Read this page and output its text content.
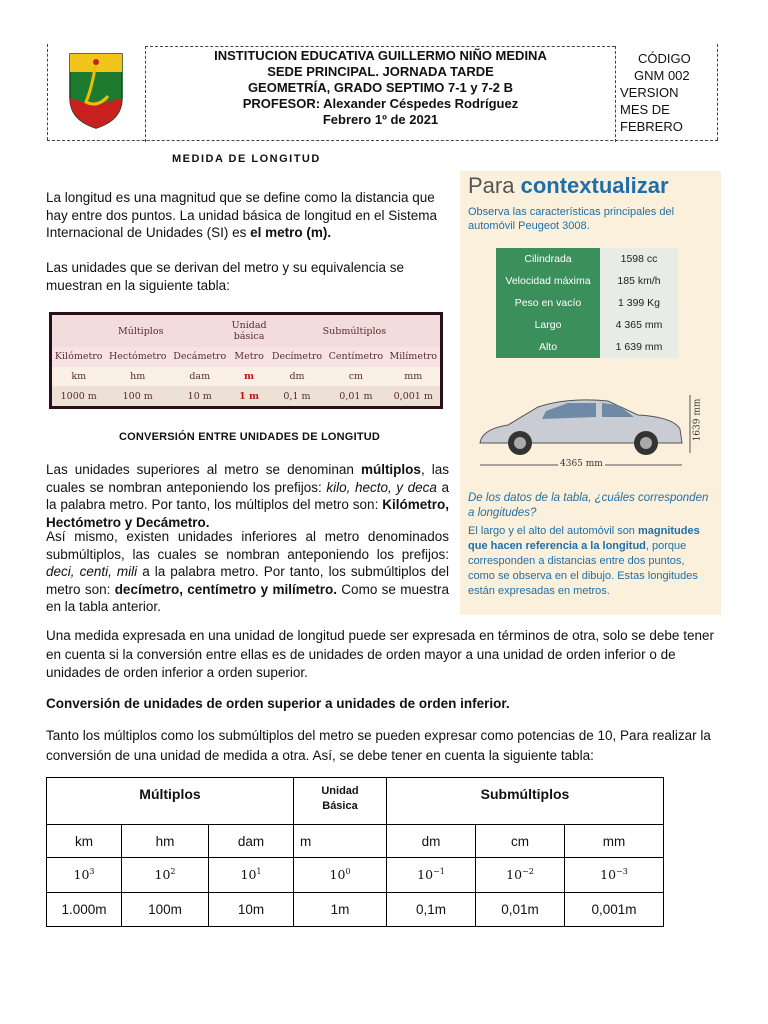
INSTITUCION EDUCATIVA GUILLERMO NIÑO MEDINA
SEDE PRINCIPAL. JORNADA TARDE
GEOMETRÍA, GRADO SEPTIMO 7-1 y 7-2 B
PROFESOR: Alexander Céspedes Rodríguez
Febrero 1º de 2021
CÓDIGO
GNM 002
VERSION
MES DE
FEBRERO
MEDIDA DE LONGITUD

La longitud es una magnitud que se define como la distancia que hay entre dos puntos. La unidad básica de longitud en el Sistema Internacional de Unidades (SI) es el metro (m).

Las unidades que se derivan del metro y su equivalencia se muestran en la siguiente tabla:

Múltiplos			Unidad
básica	Submúltiplos		
Kilómetro	Hectómetro	Decámetro	Metro	Decímetro	Centímetro	Milímetro
km	hm	dam	m	dm	cm	mm
1000 m	100 m	10 m	1 m	0,1 m	0,01 m	0,001 m
CONVERSIÓN ENTRE UNIDADES DE LONGITUD

Las unidades superiores al metro se denominan múltiplos, las cuales se nombran anteponiendo los prefijos: kilo, hecto, y deca a la palabra metro. Por tanto, los múltiplos del metro son: Kilómetro, Hectómetro y Decámetro.

Así mismo, existen unidades inferiores al metro denominados submúltiplos, las cuales se nombran anteponiendo los prefijos: deci, centi, mili a la palabra metro. Por tanto, los submúltiplos del metro son: decímetro, centímetro y milímetro. Como se muestra en la tabla anterior.

Para contextualizar
Observa las características principales del automóvil Peugeot 3008.
Cilindrada	1598 cc
Velocidad máxima	185 km/h
Peso en vacío	1 399 Kg
Largo	4 365 mm
Alto	1 639 mm
4365 mm
1639 mm
De los datos de la tabla, ¿cuáles corresponden a longitudes?
El largo y el alto del automóvil son magnitudes que hacen referencia a la longitud, porque corresponden a distancias entre dos puntos, como se observa en el dibujo. Estas longitudes están expresadas en metros.

Una medida expresada en una unidad de longitud puede ser expresada en términos de otra, solo se debe tener en cuenta si la conversión entre ellas es de unidades de orden mayor a una unidad de orden inferior o de unidades de orden inferior a orden superior.

Conversión de unidades de orden superior a unidades de orden inferior.

Tanto los múltiplos como los submúltiplos del metro se pueden expresar como potencias de 10, Para realizar la conversión de una unidad de medida a otra. Así, se debe tener en cuenta la siguiente tabla:

Múltiplos			Unidad
Básica	Submúltiplos		
km	hm	dam	m	dm	cm	mm
$10^3$	$10^2$	$10^1$	$10^0$	$10^{-1}$	$10^{-2}$	$10^{-3}$
1.000m	100m	10m	1m	0,1m	0,01m	0,001m
